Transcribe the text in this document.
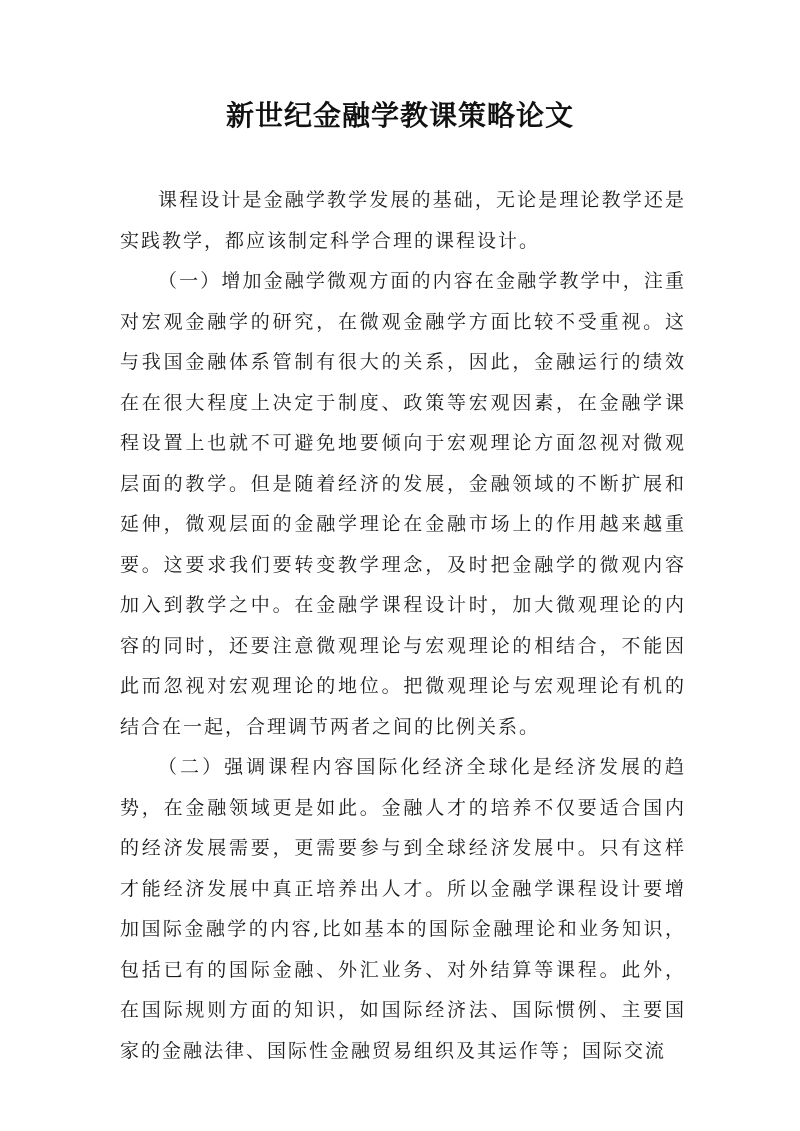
新世纪金融学教课策略论文

课程设计是金融学教学发展的基础，无论是理论教学还是实践教学，都应该制定科学合理的课程设计。

（一）增加金融学微观方面的内容在金融学教学中，注重对宏观金融学的研究，在微观金融学方面比较不受重视。这与我国金融体系管制有很大的关系，因此，金融运行的绩效在在很大程度上决定于制度、政策等宏观因素，在金融学课程设置上也就不可避免地要倾向于宏观理论方面忽视对微观层面的教学。但是随着经济的发展，金融领域的不断扩展和延伸，微观层面的金融学理论在金融市场上的作用越来越重要。这要求我们要转变教学理念，及时把金融学的微观内容加入到教学之中。在金融学课程设计时，加大微观理论的内容的同时，还要注意微观理论与宏观理论的相结合，不能因此而忽视对宏观理论的地位。把微观理论与宏观理论有机的结合在一起，合理调节两者之间的比例关系。

（二）强调课程内容国际化经济全球化是经济发展的趋势，在金融领域更是如此。金融人才的培养不仅要适合国内的经济发展需要，更需要参与到全球经济发展中。只有这样才能经济发展中真正培养出人才。所以金融学课程设计要增加国际金融学的内容,比如基本的国际金融理论和业务知识，包括已有的国际金融、外汇业务、对外结算等课程。此外，在国际规则方面的知识，如国际经济法、国际惯例、主要国家的金融法律、国际性金融贸易组织及其运作等；国际交流
